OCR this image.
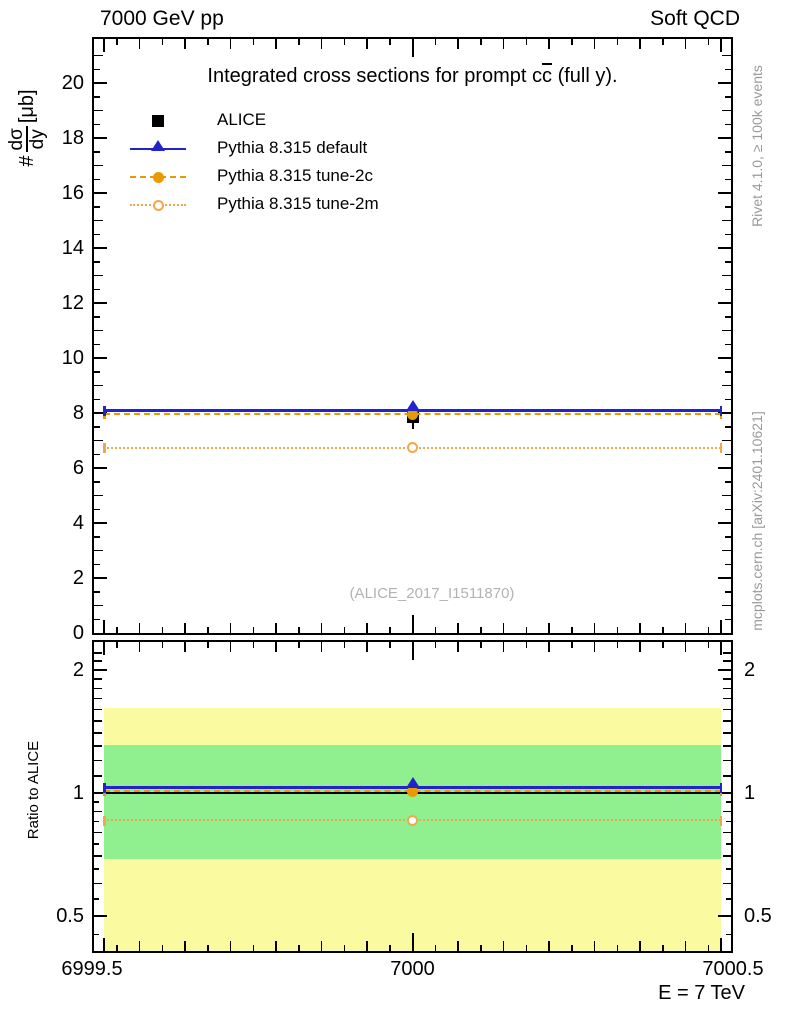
7000 GeV pp	Soft QCD
#
dσ dy
[μb]	Rivet 4.1.0, ≥ 100k events
mcplots.cern.ch [arXiv:2401.10621]
Integrated cross sections for prompt $c\overline{c}$ (full y).
ALICE
Pythia 8.315 default
Pythia 8.315 tune-2c
Pythia 8.315 tune-2m
(ALICE_2017_I1511870)
Ratio to ALICE
0
2
4
6
8
10
12
14
16
18
20
0.5	0.5
1	1
2	2
6999.5	7000	7000.5
E = 7 TeV
